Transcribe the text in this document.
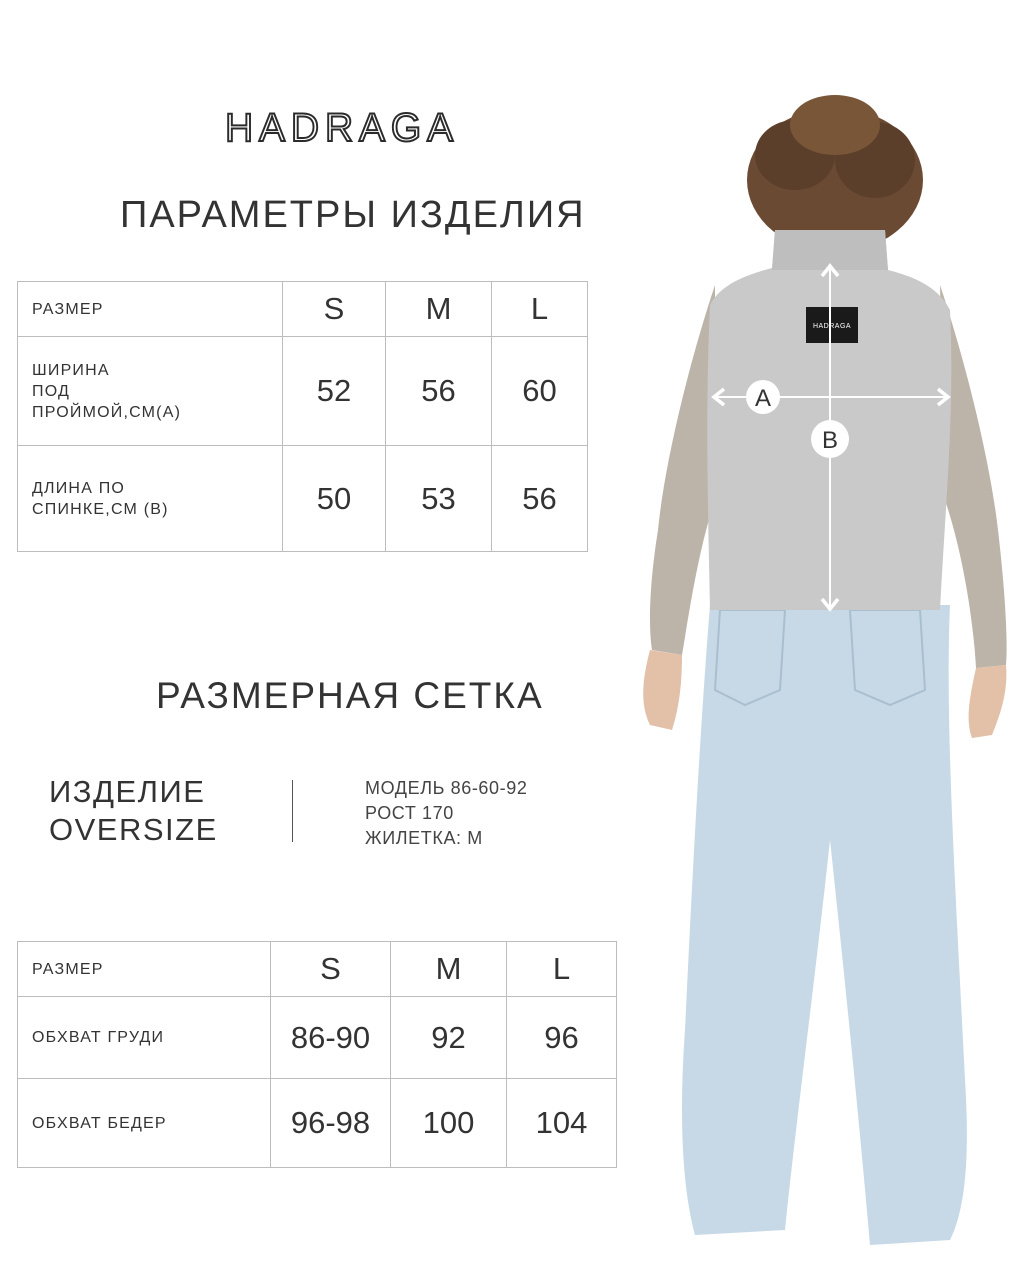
HADRAGA
ПАРАМЕТРЫ ИЗДЕЛИЯ
РАЗМЕР	S	M	L

ШИРИНА
ПОД
ПРОЙМОЙ,СМ(А)	52	56	60

ДЛИНА ПО
СПИНКЕ,СМ (В)	50	53	56
РАЗМЕРНАЯ СЕТКА
ИЗДЕЛИЕ
OVERSIZE
МОДЕЛЬ 86-60-92
РОСТ 170
ЖИЛЕТКА: М
РАЗМЕР	S	M	L
ОБХВАТ ГРУДИ	86-90	92	96
ОБХВАТ БЕДЕР	96-98	100	104
HADRAGA
A
B
